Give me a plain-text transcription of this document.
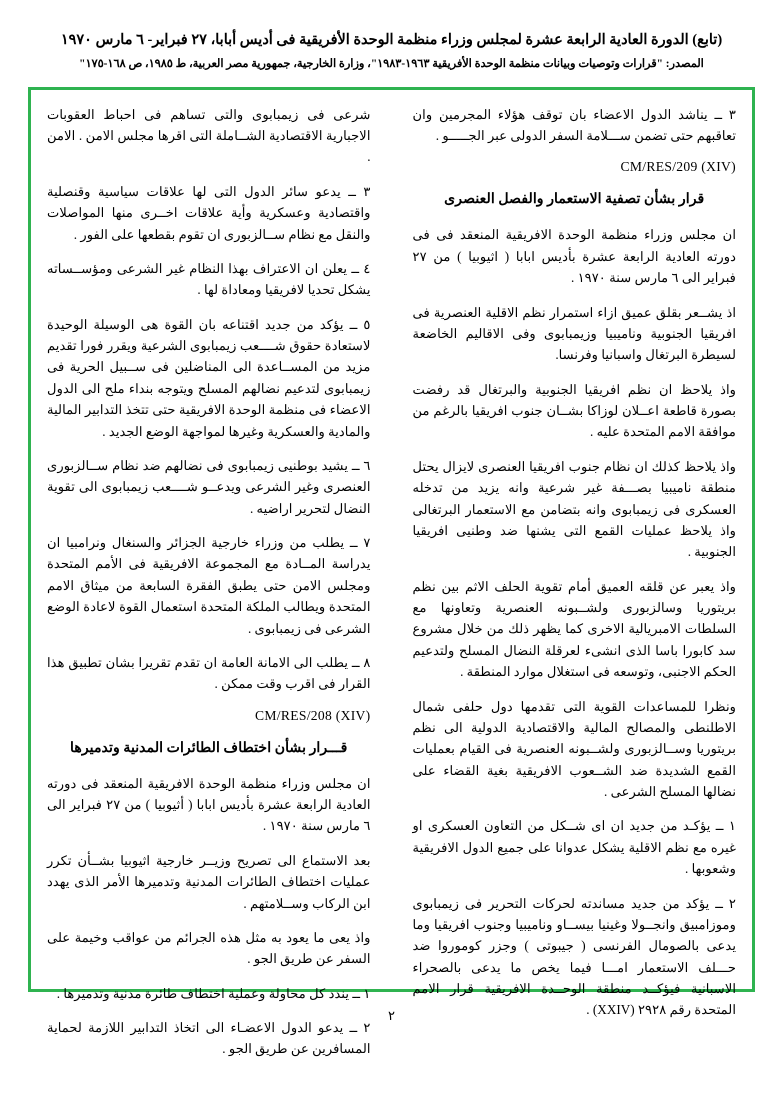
(تابع) الدورة العادية الرابعة عشرة لمجلس وزراء منظمة الوحدة الأفريقية فى أديس أبابا، ٢٧ فبراير- ٦ مارس ١٩٧٠
المصدر: "قرارات وتوصيات وبيانات منظمة الوحدة الأفريقية ١٩٦٣-١٩٨٣"، وزارة الخارجية، جمهورية مصر العربية، ط ١٩٨٥، ص ١٦٨-١٧٥"

٣ ــ يناشد الدول الاعضاء بان توقف هؤلاء المجرمين وان تعاقبهم حتى تضمن ســـلامة السفر الدولى عبر الجـــــو .

CM/RES/209 (XIV)
قرار بشأن تصفية الاستعمار والفصل العنصرى

ان مجلس وزراء منظمة الوحدة الافريقية المنعقد فى فى دورته العادية الرابعة عشرة بأديس ابابا ( اثيوبيا ) من ٢٧ فبراير الى ٦ مارس سنة ١٩٧٠ .

اذ يشــعر بقلق عميق ازاء استمرار نظم الاقلية العنصرية فى افريقيا الجنوبية وناميبيا وزيمبابوى وفى الاقاليم الخاضعة لسيطرة البرتغال واسبانيا وفرنسا.

واذ يلاحظ ان نظم افريقيا الجنوبية والبرتغال قد رفضت بصورة قاطعة اعــلان لوزاكا بشــان جنوب افريقيا بالرغم من موافقة الامم المتحدة عليه .

واذ يلاحظ كذلك ان نظام جنوب افريقيا العنصرى لايزال يحتل منطقة ناميبيا بصـــفة غير شرعية وانه يزيد من تدخله العسكرى فى زيمبابوى وانه بتضامن مع الاستعمار البرتغالى واذ يلاحظ عمليات القمع التى يشنها ضد وطنيى افريقيا الجنوبية .

واذ يعبر عن قلقه العميق أمام تقوية الحلف الاثم بين نظم بريتوريا وسالزبورى ولشــبونه العنصرية وتعاونها مع السلطات الامبريالية الاخرى كما يظهر ذلك من خلال مشروع سد كابورا باسا الذى انشىء لعرقلة النضال المسلح ولتدعيم الحكم الاجنبى، وتوسعه فى استغلال موارد المنطقة .

ونظرا للمساعدات القوية التى تقدمها دول حلفى شمال الاطلنطى والمصالح المالية والاقتصادية الدولية الى نظم بريتوريا وســالزبورى ولشــبونه العنصرية فى القيام بعمليات القمع الشديدة ضد الشــعوب الافريقية بغية القضاء على نضالها المسلح الشرعى .

١ ــ يؤكـد من جديد ان اى شــكل من التعاون العسكرى او غيره مع نظم الاقلية يشكل عدوانا على جميع الدول الافريقية وشعوبها .

٢ ــ يؤكد من جديد مساندته لحركات التحرير فى زيمبابوى وموزامبيق وانجــولا وغينيا بيســاو وناميبيا وجنوب افريقيا وما يدعى بالصومال الفرنسى ( جيبوتى ) وجزر كوموروا ضد حـــلف الاستعمار امـــا فيما يخص ما يدعى بالصحراء الاسبانية فيؤكــد منطقة الوحــدة الافريقية قرار الامم المتحدة رقم ٢٩٢٨ (XXIV) .

شرعى فى زيمبابوى والتى تساهم فى احباط العقوبات الاجبارية الاقتصادية الشــاملة التى اقرها مجلس الامن . الامن .

٣ ــ يدعو سائر الدول التى لها علاقات سياسية وقنصلية واقتصادية وعسكرية وأية علاقات اخــرى منها المواصلات والنقل مع نظام ســالزبورى ان تقوم بقطعها على الفور .

٤ ــ يعلن ان الاعتراف بهذا النظام غير الشرعى ومؤســساته يشكل تحديا لافريقيا ومعاداة لها .

٥ ــ يؤكد من جديد اقتناعه بان القوة هى الوسيلة الوحيدة لاستعادة حقوق شــــعب زيمبابوى الشرعية ويقرر فورا تقديم مزيد من المســاعدة الى المناضلين فى ســبيل الحرية فى زيمبابوى لتدعيم نضالهم المسلح ويتوجه بنداء ملح الى الدول الاعضاء فى منظمة الوحدة الافريقية حتى تتخذ التدابير المالية والمادية والعسكرية وغيرها لمواجهة الوضع الجديد .

٦ ــ يشيد بوطنيى زيمبابوى فى نضالهم ضد نظام ســالزبورى العنصرى وغير الشرعى ويدعــو شــــعب زيمبابوى الى تقوية النضال لتحرير اراضيه .

٧ ــ يطلب من وزراء خارجية الجزائر والسنغال ونرامبيا ان يدراسة المــادة مع المجموعة الافريقية فى الأمم المتحدة ومجلس الامن حتى يطبق الفقرة السابعة من ميثاق الامم المتحدة ويطالب الملكة المتحدة استعمال القوة لاعادة الوضع الشرعى فى زيمبابوى .

٨ ــ يطلب الى الامانة العامة ان تقدم تقريرا بشان تطبيق هذا القرار فى اقرب وقت ممكن .

CM/RES/208 (XIV)
قـــرار بشأن اختطاف الطائرات المدنية وتدميرها

ان مجلس وزراء منظمة الوحدة الافريقية المنعقد فى دورته العادية الرابعة عشرة بأديس ابابا ( أثيوبيا ) من ٢٧ فبراير الى ٦ مارس سنة ١٩٧٠ .

بعد الاستماع الى تصريح وزيــر خارجية اثيوبيا بشــأن تكرر عمليات اختطاف الطائرات المدنية وتدميرها الأمر الذى يهدد ابن الركاب وســلامتهم .

واذ يعى ما يعود به مثل هذه الجرائم من عواقب وخيمة على السفر عن طريق الجو .

١ ــ يندد كل محاولة وعملية اختطاف طائرة مدنية وتدميرها .

٢ ــ يدعو الدول الاعضـاء الى اتخاذ التدابير اللازمة لحماية المسافرين عن طريق الجو .

٢
